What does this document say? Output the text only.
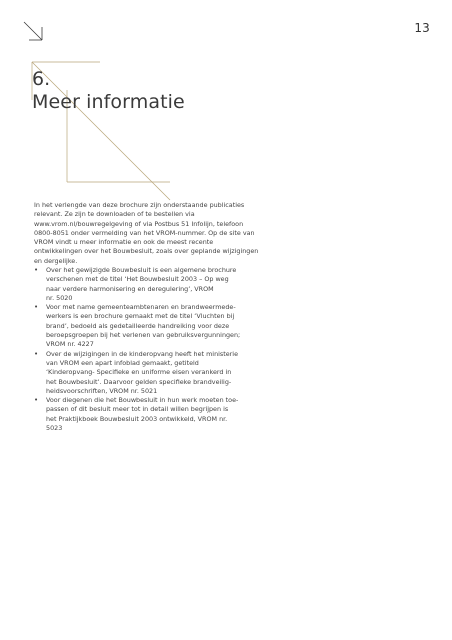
13
6.
Meer informatie
In het verlengde van deze brochure zijn onderstaande publicaties relevant. Ze zijn te downloaden of te bestellen via www.vrom.nl/bouwregelgeving of via Postbus 51 Infolijn, telefoon 0800-8051 onder vermelding van het VROM-nummer. Op de site van VROM vindt u meer informatie en ook de meest recente ontwikkelingen over het Bouwbesluit, zoals over geplande wijzigingen en dergelijke.
• Over het gewijzigde Bouwbesluit is een algemene brochure
verschenen met de titel ‘Het Bouwbesluit 2003 – Op weg
naar verdere harmonisering en deregulering’, VROM
nr. 5020
• Voor met name gemeenteambtenaren en brandweermede-
werkers is een brochure gemaakt met de titel ‘Vluchten bij
brand’, bedoeld als gedetailleerde handreiking voor deze
beroepsgroepen bij het verlenen van gebruiksvergunningen;
VROM nr. 4227
• Over de wijzigingen in de kinderopvang heeft het ministerie
van VROM een apart infoblad gemaakt, getiteld
‘Kinderopvang- Specifieke en uniforme eisen verankerd in
het Bouwbesluit’. Daarvoor gelden specifieke brandveilig-
heidsvoorschriften, VROM nr. 5021
• Voor diegenen die het Bouwbesluit in hun werk moeten toe-
passen of dit besluit meer tot in detail willen begrijpen is
het Praktijkboek Bouwbesluit 2003 ontwikkeld, VROM nr.
5023
